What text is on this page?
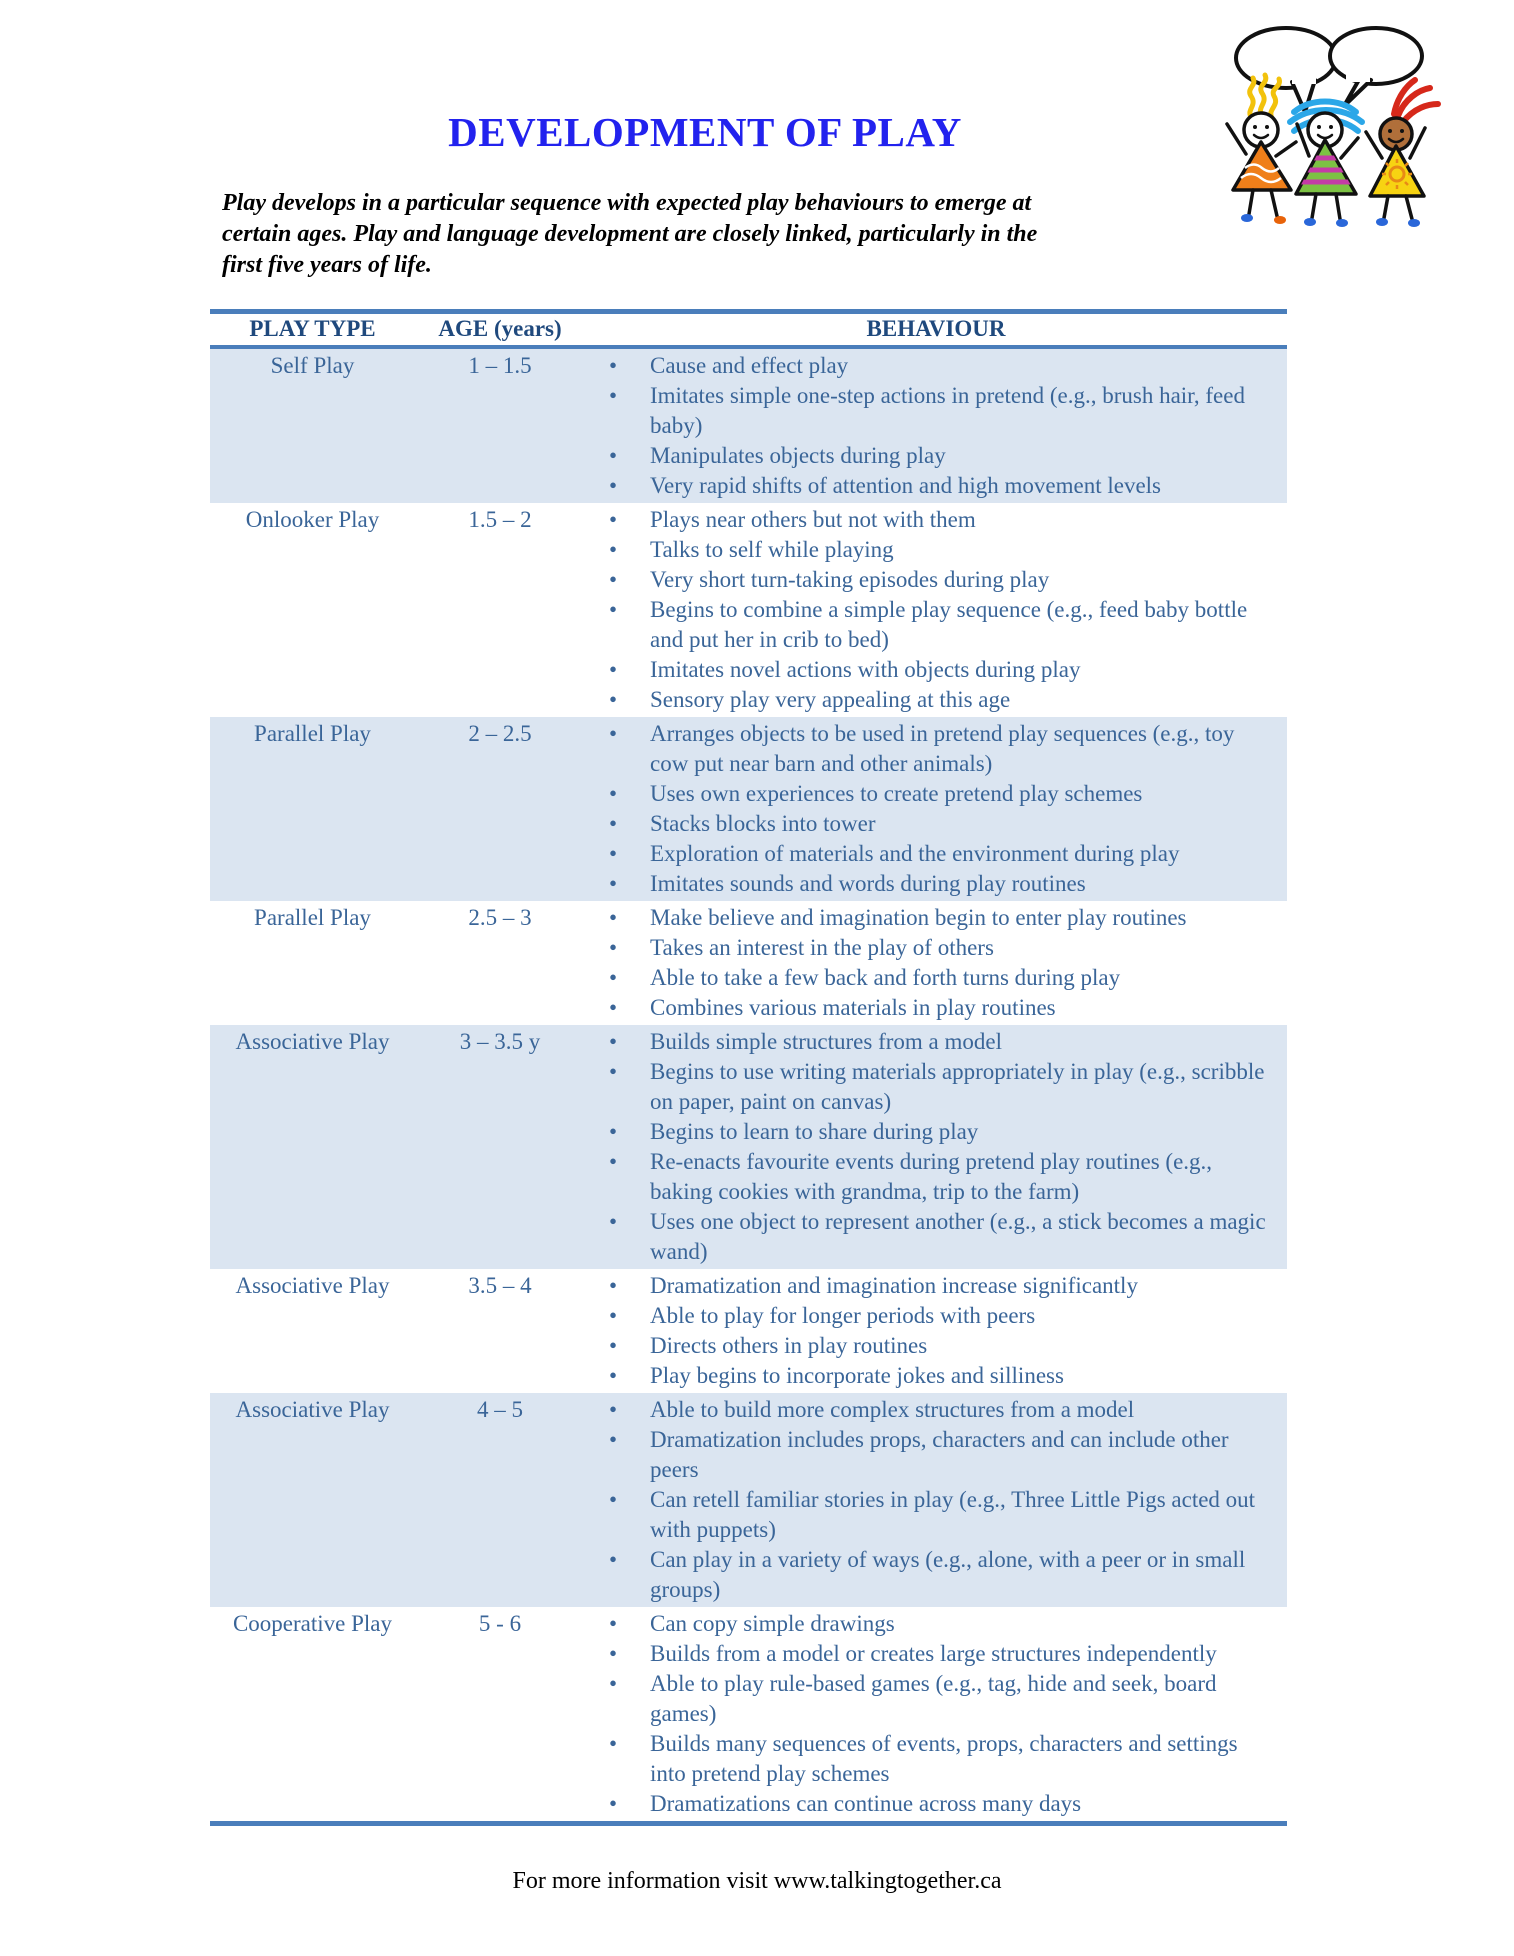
DEVELOPMENT OF PLAY
Play develops in a particular sequence with expected play behaviours to emerge at
certain ages. Play and language development are closely linked, particularly in the
first five years of life.
PLAY TYPE	AGE (years)	BEHAVIOUR
Self Play	1 – 1.5	
•Cause and effect play
• Imitates simple one-step actions in pretend (e.g., brush hair, feed baby)
• Manipulates objects during play
• Very rapid shifts of attention and high movement levels

Onlooker Play	1.5 – 2	
•Plays near others but not with them
• Talks to self while playing
• Very short turn-taking episodes during play
• Begins to combine a simple play sequence (e.g., feed baby bottle and put her in crib to bed)
• Imitates novel actions with objects during play
• Sensory play very appealing at this age

Parallel Play	2 – 2.5	
•Arranges objects to be used in pretend play sequences (e.g., toy cow put near barn and other animals)
• Uses own experiences to create pretend play schemes
• Stacks blocks into tower
• Exploration of materials and the environment during play
• Imitates sounds and words during play routines

Parallel Play	2.5 – 3	
•Make believe and imagination begin to enter play routines
• Takes an interest in the play of others
• Able to take a few back and forth turns during play
• Combines various materials in play routines

Associative Play	3 – 3.5 y	
•Builds simple structures from a model
• Begins to use writing materials appropriately in play (e.g., scribble on paper, paint on canvas)
• Begins to learn to share during play
• Re-enacts favourite events during pretend play routines (e.g., baking cookies with grandma, trip to the farm)
• Uses one object to represent another (e.g., a stick becomes a magic wand)

Associative Play	3.5 – 4	
•Dramatization and imagination increase significantly
• Able to play for longer periods with peers
• Directs others in play routines
• Play begins to incorporate jokes and silliness

Associative Play	4 – 5	
•Able to build more complex structures from a model
• Dramatization includes props, characters and can include other peers
• Can retell familiar stories in play (e.g., Three Little Pigs acted out with puppets)
• Can play in a variety of ways (e.g., alone, with a peer or in small groups)

Cooperative Play	5 - 6	
•Can copy simple drawings
• Builds from a model or creates large structures independently
• Able to play rule-based games (e.g., tag, hide and seek, board games)
• Builds many sequences of events, props, characters and settings into pretend play schemes
• Dramatizations can continue across many days
For more information visit www.talkingtogether.ca
